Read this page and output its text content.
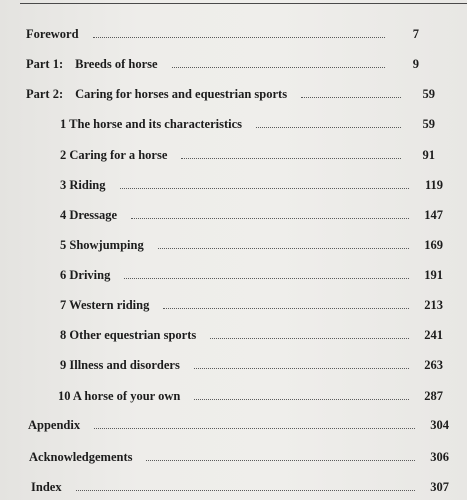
Foreword	7
Part 1: Breeds of horse	9
Part 2: Caring for horses and equestrian sports	59
1 The horse and its characteristics	59
2 Caring for a horse	91
3 Riding	119
4 Dressage	147
5 Showjumping	169
6 Driving	191
7 Western riding	213
8 Other equestrian sports	241
9 Illness and disorders	263
10 A horse of your own	287
Appendix	304
Acknowledgements	306
Index	307
